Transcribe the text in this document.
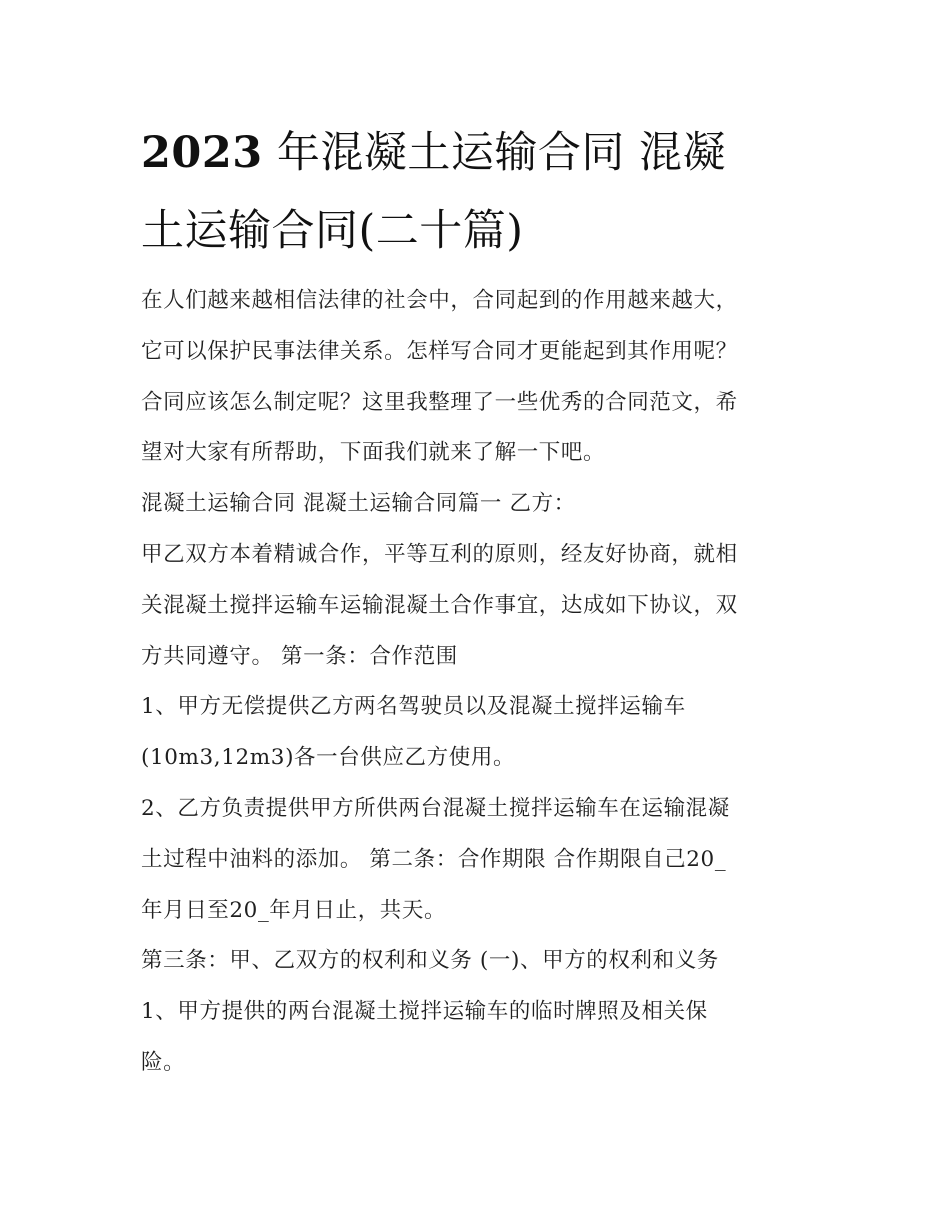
2023 年混凝土运输合同 混凝
土运输合同(二十篇)

在人们越来越相信法律的社会中，合同起到的作用越来越大，
它可以保护民事法律关系。怎样写合同才更能起到其作用呢？
合同应该怎么制定呢？这里我整理了一些优秀的合同范文，希
望对大家有所帮助，下面我们就来了解一下吧。

混凝土运输合同 混凝土运输合同篇一 乙方：

甲乙双方本着精诚合作，平等互利的原则，经友好协商，就相
关混凝土搅拌运输车运输混凝土合作事宜，达成如下协议，双
方共同遵守。 第一条：合作范围

1、甲方无偿提供乙方两名驾驶员以及混凝土搅拌运输车
(10m3,12m3)各一台供应乙方使用。

2、乙方负责提供甲方所供两台混凝土搅拌运输车在运输混凝
土过程中油料的添加。 第二条：合作期限 合作期限自己20_
年月日至20_年月日止，共天。

第三条：甲、乙双方的权利和义务 (一)、甲方的权利和义务

1、甲方提供的两台混凝土搅拌运输车的临时牌照及相关保
险。
